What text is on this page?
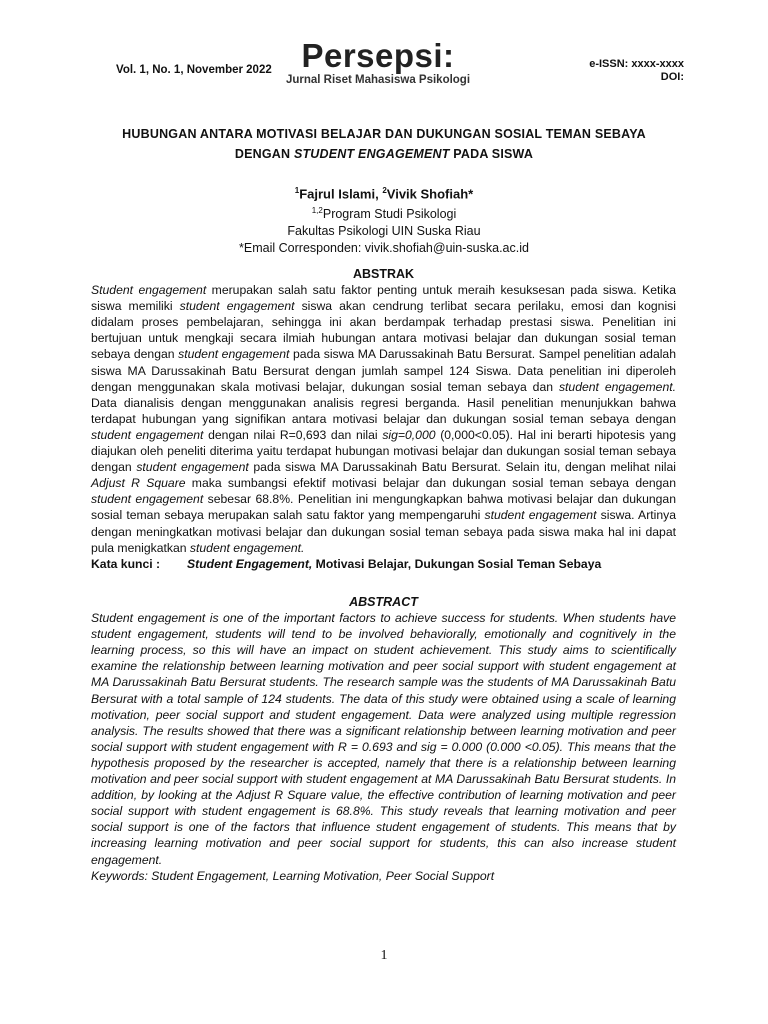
Vol. 1, No. 1, November 2022 Persepsi:
Jurnal Riset Mahasiswa Psikologi
e-ISSN: xxxx-xxxx
DOI:
HUBUNGAN ANTARA MOTIVASI BELAJAR DAN DUKUNGAN SOSIAL TEMAN SEBAYA
DENGAN STUDENT ENGAGEMENT PADA SISWA
$^1$Fajrul Islami, $^2$Vivik Shofiah*
$^{1,2}$Program Studi Psikologi
Fakultas Psikologi UIN Suska Riau
*Email Corresponden: vivik.shofiah@uin-suska.ac.id
ABSTRAK
Student engagement merupakan salah satu faktor penting untuk meraih kesuksesan pada siswa. Ketika siswa memiliki student engagement siswa akan cendrung terlibat secara perilaku, emosi dan kognisi didalam proses pembelajaran, sehingga ini akan berdampak terhadap prestasi siswa. Penelitian ini bertujuan untuk mengkaji secara ilmiah hubungan antara motivasi belajar dan dukungan sosial teman sebaya dengan student engagement pada siswa MA Darussakinah Batu Bersurat. Sampel penelitian adalah siswa MA Darussakinah Batu Bersurat dengan jumlah sampel 124 Siswa. Data penelitian ini diperoleh dengan menggunakan skala motivasi belajar, dukungan sosial teman sebaya dan student engagement. Data dianalisis dengan menggunakan analisis regresi berganda. Hasil penelitian menunjukkan bahwa terdapat hubungan yang signifikan antara motivasi belajar dan dukungan sosial teman sebaya dengan student engagement dengan nilai R=0,693 dan nilai sig=0,000 (0,000<0.05). Hal ini berarti hipotesis yang diajukan oleh peneliti diterima yaitu terdapat hubungan motivasi belajar dan dukungan sosial teman sebaya dengan student engagement pada siswa MA Darussakinah Batu Bersurat. Selain itu, dengan melihat nilai Adjust R Square maka sumbangsi efektif motivasi belajar dan dukungan sosial teman sebaya dengan student engagement sebesar 68.8%. Penelitian ini mengungkapkan bahwa motivasi belajar dan dukungan sosial teman sebaya merupakan salah satu faktor yang mempengaruhi student engagement siswa. Artinya dengan meningkatkan motivasi belajar dan dukungan sosial teman sebaya pada siswa maka hal ini dapat pula menigkatkan student engagement.
Kata kunci :	Student Engagement, Motivasi Belajar, Dukungan Sosial Teman Sebaya
ABSTRACT
Student engagement is one of the important factors to achieve success for students. When students have student engagement, students will tend to be involved behaviorally, emotionally and cognitively in the learning process, so this will have an impact on student achievement. This study aims to scientifically examine the relationship between learning motivation and peer social support with student engagement at MA Darussakinah Batu Bersurat students. The research sample was the students of MA Darussakinah Batu Bersurat with a total sample of 124 students. The data of this study were obtained using a scale of learning motivation, peer social support and student engagement. Data were analyzed using multiple regression analysis. The results showed that there was a significant relationship between learning motivation and peer social support with student engagement with R = 0.693 and sig = 0.000 (0.000 <0.05). This means that the hypothesis proposed by the researcher is accepted, namely that there is a relationship between learning motivation and peer social support with student engagement at MA Darussakinah Batu Bersurat students. In addition, by looking at the Adjust R Square value, the effective contribution of learning motivation and peer social support with student engagement is 68.8%. This study reveals that learning motivation and peer social support is one of the factors that influence student engagement of students. This means that by increasing learning motivation and peer social support for students, this can also increase student engagement.
Keywords: Student Engagement, Learning Motivation, Peer Social Support
1
